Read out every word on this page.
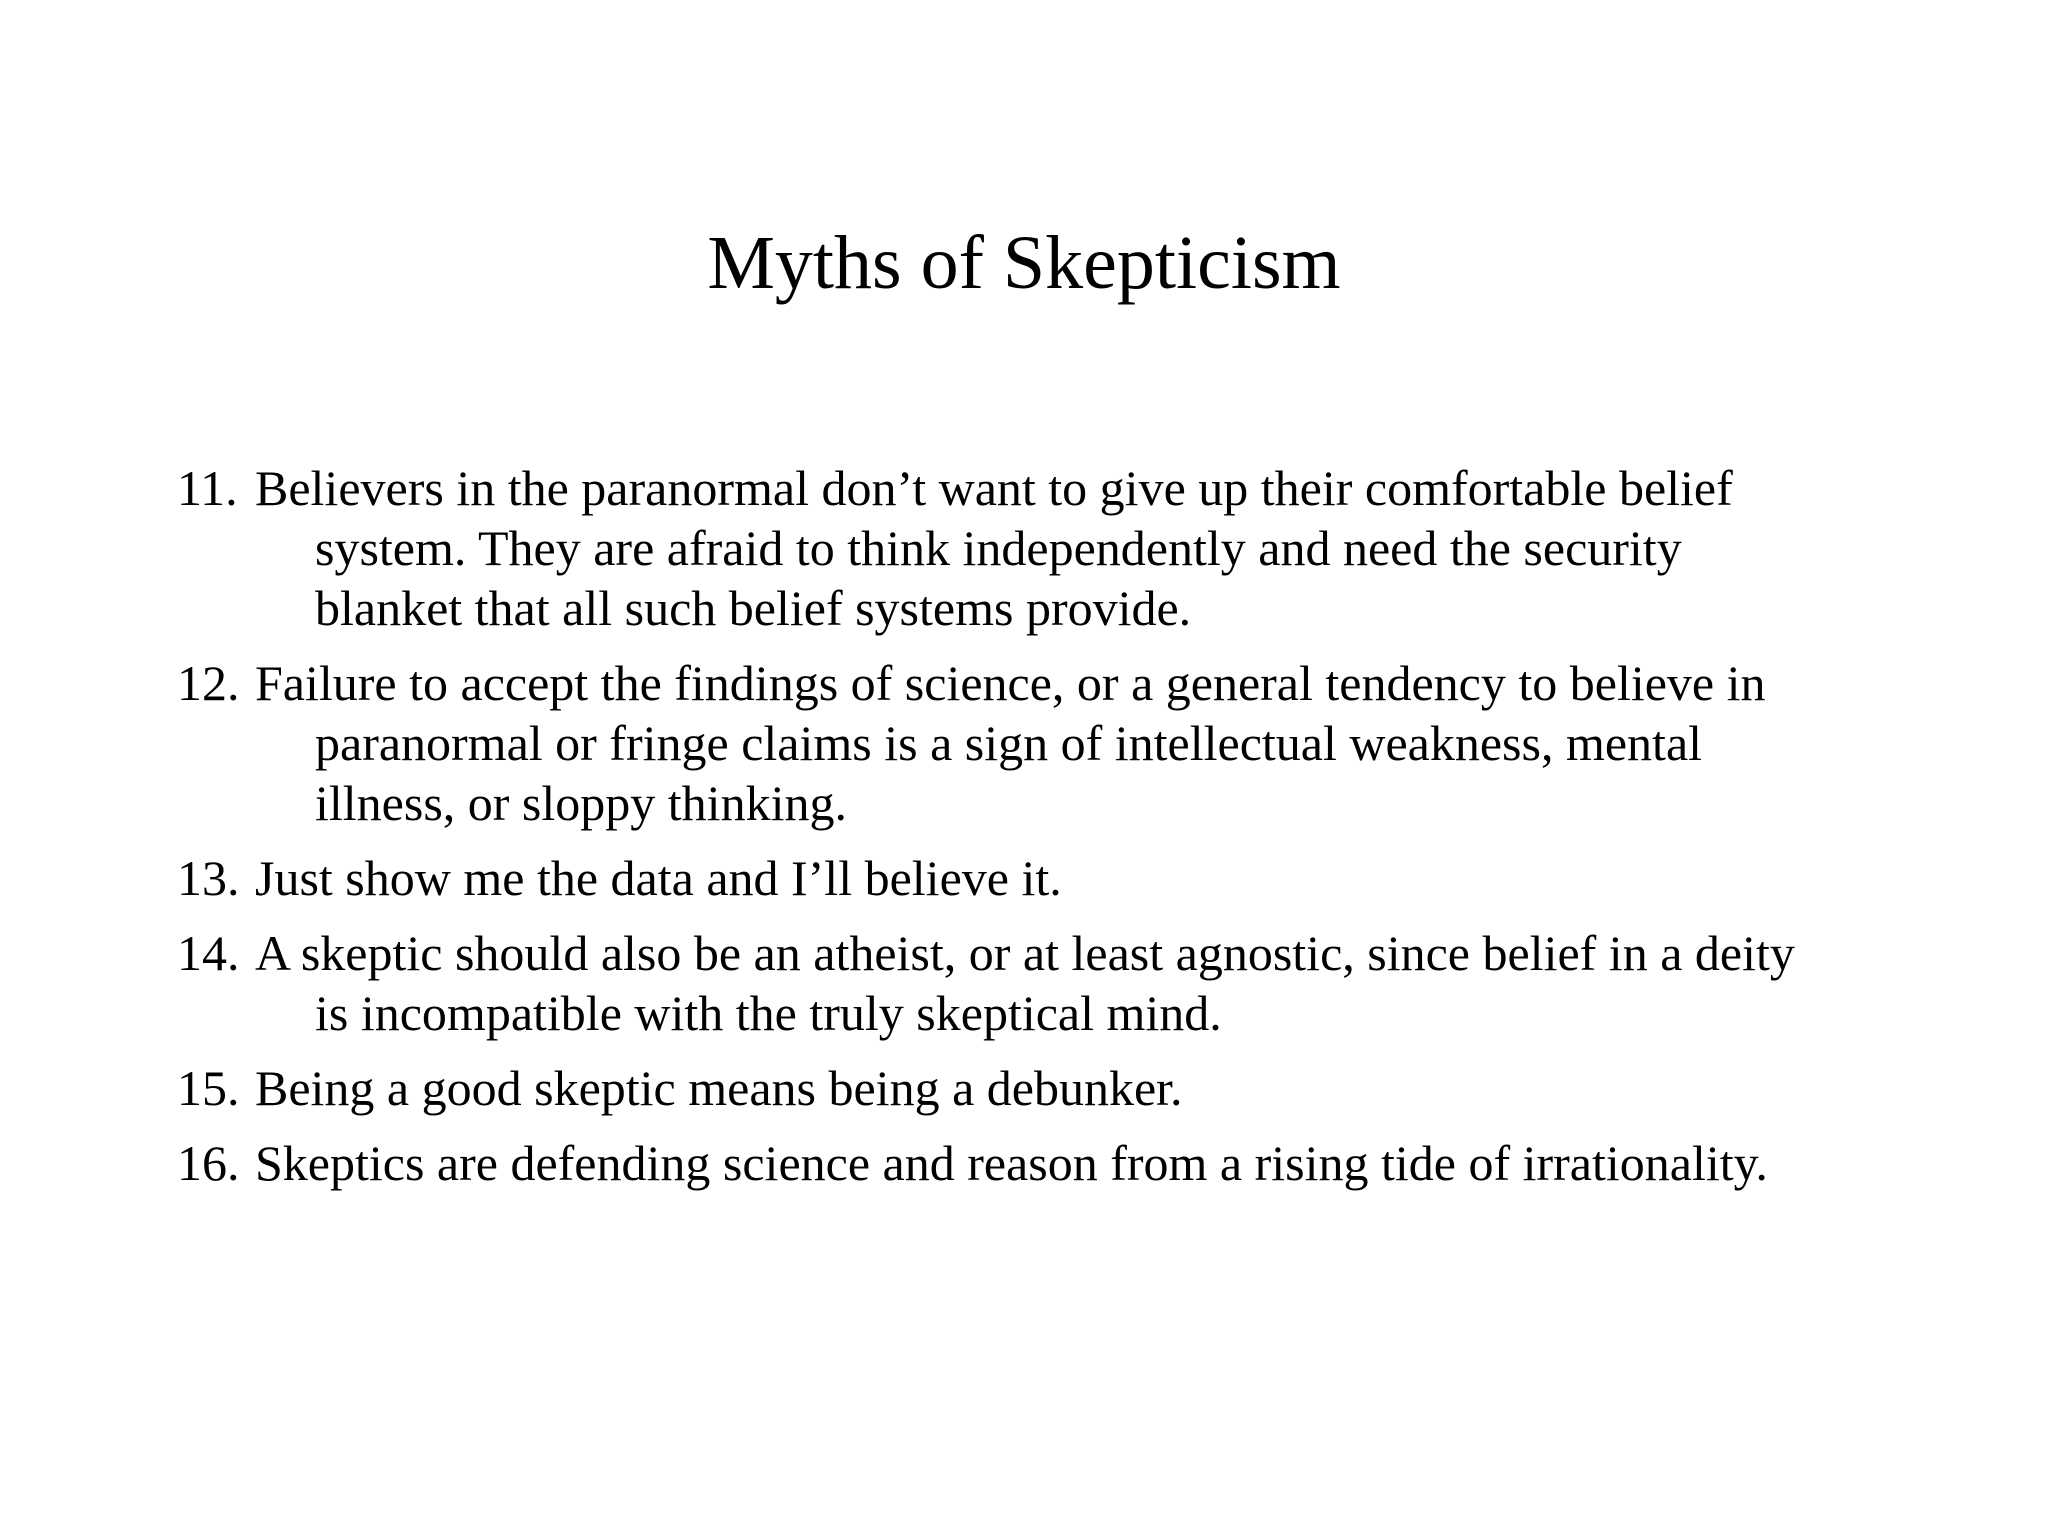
Myths of Skepticism
11. Believers in the paranormal don’t want to give up their comfortable belief
system. They are afraid to think independently and need the security
blanket that all such belief systems provide.
12. Failure to accept the findings of science, or a general tendency to believe in
paranormal or fringe claims is a sign of intellectual weakness, mental
illness, or sloppy thinking.
13. Just show me the data and I’ll believe it.
14. A skeptic should also be an atheist, or at least agnostic, since belief in a deity
is incompatible with the truly skeptical mind.
15. Being a good skeptic means being a debunker.
16. Skeptics are defending science and reason from a rising tide of irrationality.
